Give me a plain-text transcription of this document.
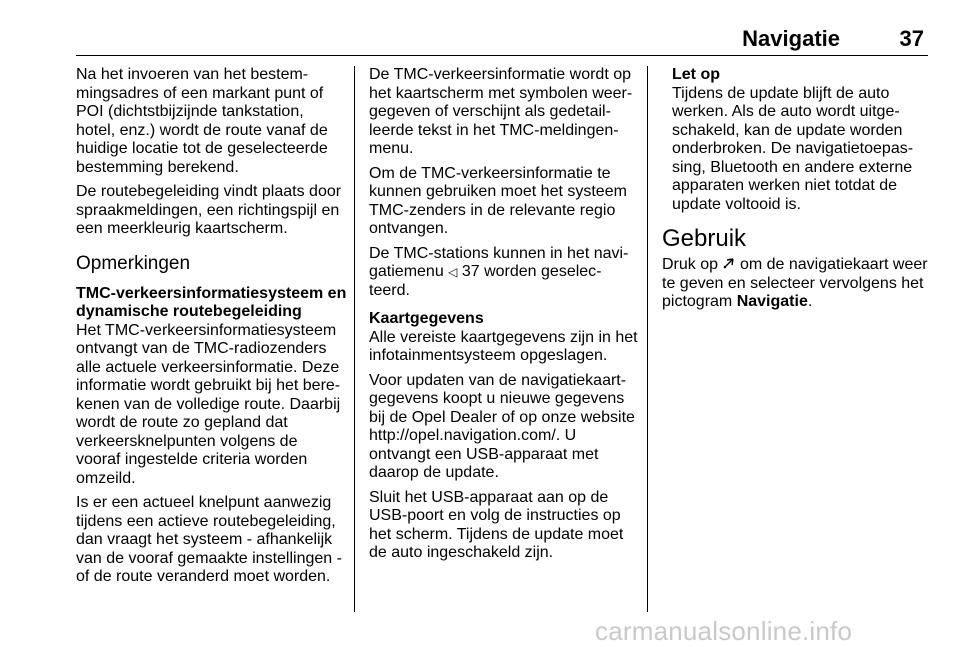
Navigatie	37

Na het invoeren van het bestem-
mingsadres of een markant punt of
POI (dichtstbijzijnde tankstation,
hotel, enz.) wordt de route vanaf de
huidige locatie tot de geselecteerde
bestemming berekend.

De routebegeleiding vindt plaats door
spraakmeldingen, een richtingspijl en
een meerkleurig kaartscherm.

Opmerkingen

TMC-verkeersinformatiesysteem en
dynamische routebegeleiding

Het TMC-verkeersinformatiesysteem
ontvangt van de TMC-radiozenders
alle actuele verkeersinformatie. Deze
informatie wordt gebruikt bij het bere-
kenen van de volledige route. Daarbij
wordt de route zo gepland dat
verkeersknelpunten volgens de
vooraf ingestelde criteria worden
omzeild.

Is er een actueel knelpunt aanwezig
tijdens een actieve routebegeleiding,
dan vraagt het systeem - afhankelijk
van de vooraf gemaakte instellingen -
of de route veranderd moet worden.

De TMC-verkeersinformatie wordt op
het kaartscherm met symbolen weer-
gegeven of verschijnt als gedetail-
leerde tekst in het TMC-meldingen-
menu.

Om de TMC-verkeersinformatie te
kunnen gebruiken moet het systeem
TMC-zenders in de relevante regio
ontvangen.

De TMC-stations kunnen in het navi-
gatiemenu ◁ 37 worden geselec-
teerd.

Kaartgegevens

Alle vereiste kaartgegevens zijn in het
infotainmentsysteem opgeslagen.

Voor updaten van de navigatiekaart-
gegevens koopt u nieuwe gegevens
bij de Opel Dealer of op onze website
http://opel.navigation.com/. U
ontvangt een USB-apparaat met
daarop de update.

Sluit het USB-apparaat aan op de
USB-poort en volg de instructies op
het scherm. Tijdens de update moet
de auto ingeschakeld zijn.

Let op
Tijdens de update blijft de auto
werken. Als de auto wordt uitge-
schakeld, kan de update worden
onderbroken. De navigatietoepas-
sing, Bluetooth en andere externe
apparaten werken niet totdat de
update voltooid is.

Gebruik

Druk op om de navigatiekaart weer
te geven en selecteer vervolgens het
pictogram Navigatie.

carmanualsonline.info
